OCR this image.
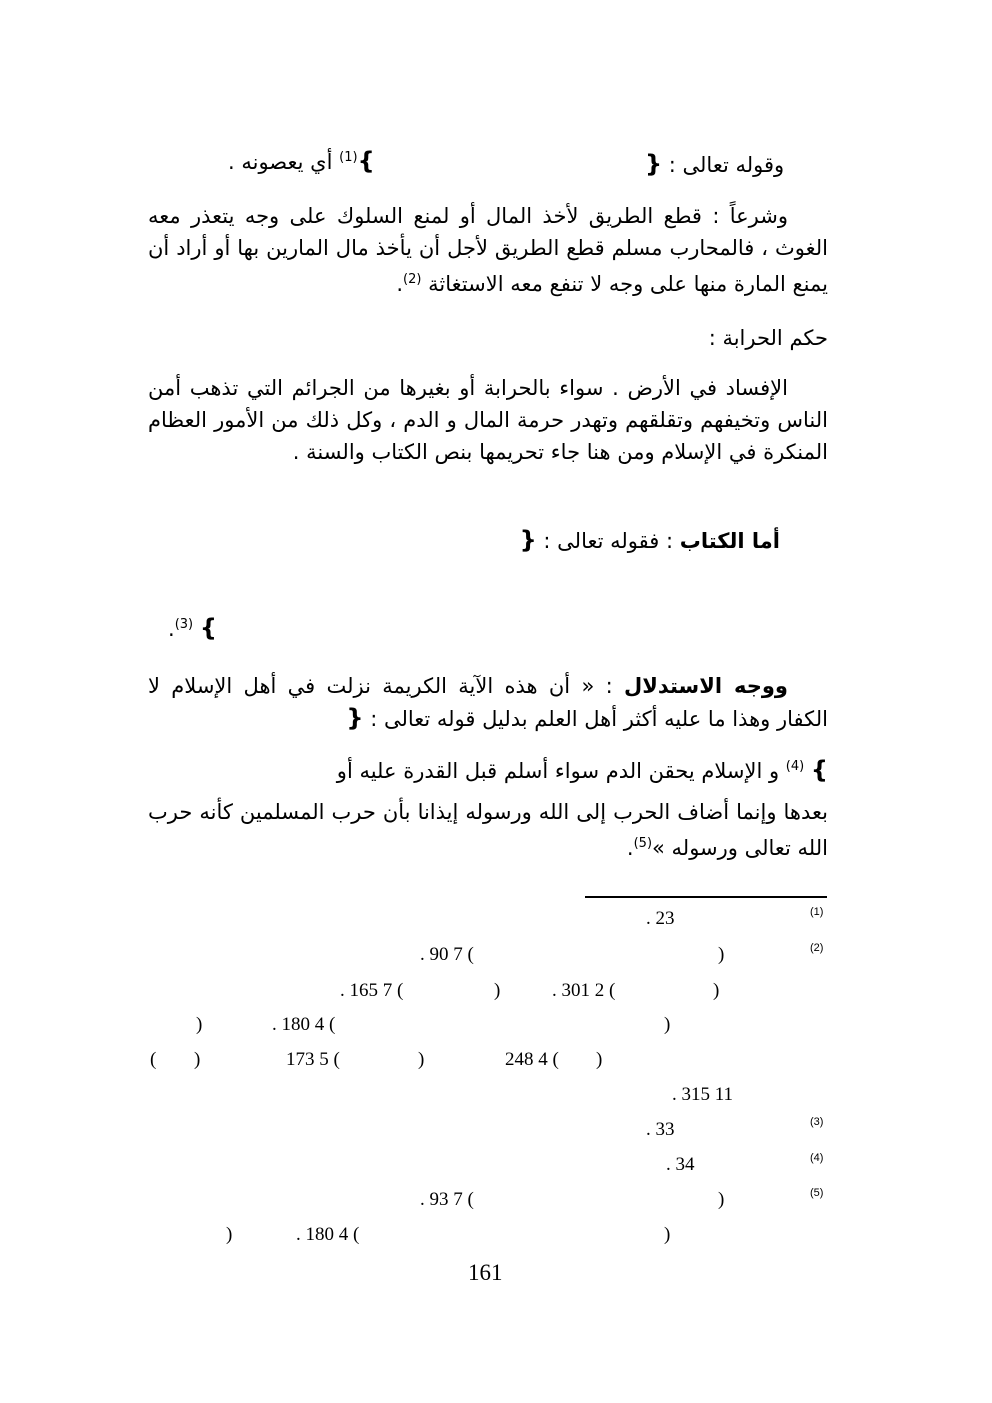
وقوله تعالى : {
}$^{(1)}$ أي يعصونه .
وشرعاً : قطع الطريق لأخذ المال أو لمنع السلوك على وجه يتعذر معه الغوث ، فالمحارب مسلم قطع الطريق لأجل أن يأخذ مال المارين بها أو أراد أن يمنع المارة منها على وجه لا تنفع معه الاستغاثة $^{(2)}$.
حكم الحرابة :
الإفساد في الأرض . سواء بالحرابة أو بغيرها من الجرائم التي تذهب أمن الناس وتخيفهم وتقلقهم وتهدر حرمة المال و الدم ، وكل ذلك من الأمور العظام المنكرة في الإسلام ومن هنا جاء تحريمها بنص الكتاب والسنة .
أما الكتاب : فقوله تعالى : {
} $^{(3)}$.
ووجه الاستدلال : « أن هذه الآية الكريمة نزلت في أهل الإسلام لا الكفار وهذا ما عليه أكثر أهل العلم بدليل قوله تعالى : {
} $^{(4)}$ و الإسلام يحقن الدم سواء أسلم قبل القدرة عليه أو
بعدها وإنما أضاف الحرب إلى الله ورسوله إيذانا بأن حرب المسلمين كأنه حرب الله تعالى ورسوله »$^{(5)}$.
(1)
. 23
(2)
. 90 7 (	)
. 165 7 (	)	. 301 2 (	)
)	. 180 4 (	)
( )	173 5 (	)	248 4 ( )
. 315 11
(3)
. 33
(4)
. 34
(5)
. 93 7 (	)
)	. 180 4 (	)
161
